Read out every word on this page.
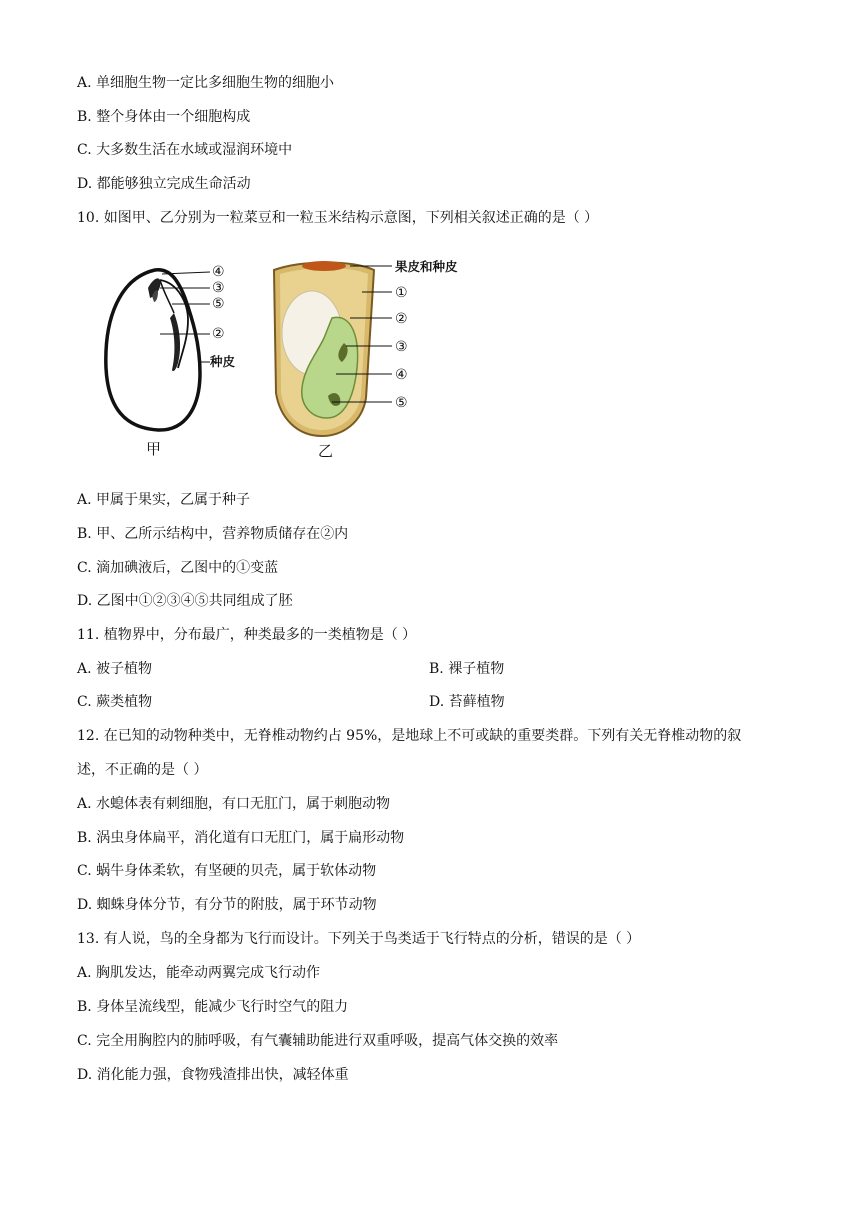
A. 单细胞生物一定比多细胞生物的细胞小
B. 整个身体由一个细胞构成
C. 大多数生活在水域或湿润环境中
D. 都能够独立完成生命活动
10. 如图甲、乙分别为一粒菜豆和一粒玉米结构示意图，下列相关叙述正确的是（ ）
④
③
⑤
②
种皮
甲
果皮和种皮
①
②
③
④
⑤
乙
A. 甲属于果实，乙属于种子
B. 甲、乙所示结构中，营养物质储存在②内
C. 滴加碘液后，乙图中的①变蓝
D. 乙图中①②③④⑤共同组成了胚
11. 植物界中，分布最广，种类最多的一类植物是（ ）
A. 被子植物	B. 裸子植物
C. 蕨类植物	D. 苔藓植物
12. 在已知的动物种类中，无脊椎动物约占 95%，是地球上不可或缺的重要类群。下列有关无脊椎动物的叙
述，不正确的是（ ）
A. 水螅体表有刺细胞，有口无肛门，属于刺胞动物
B. 涡虫身体扁平，消化道有口无肛门，属于扁形动物
C. 蜗牛身体柔软，有坚硬的贝壳，属于软体动物
D. 蜘蛛身体分节，有分节的附肢，属于环节动物
13. 有人说，鸟的全身都为飞行而设计。下列关于鸟类适于飞行特点的分析，错误的是（ ）
A. 胸肌发达，能牵动两翼完成飞行动作
B. 身体呈流线型，能减少飞行时空气的阻力
C. 完全用胸腔内的肺呼吸，有气囊辅助能进行双重呼吸，提高气体交换的效率
D. 消化能力强，食物残渣排出快，减轻体重
